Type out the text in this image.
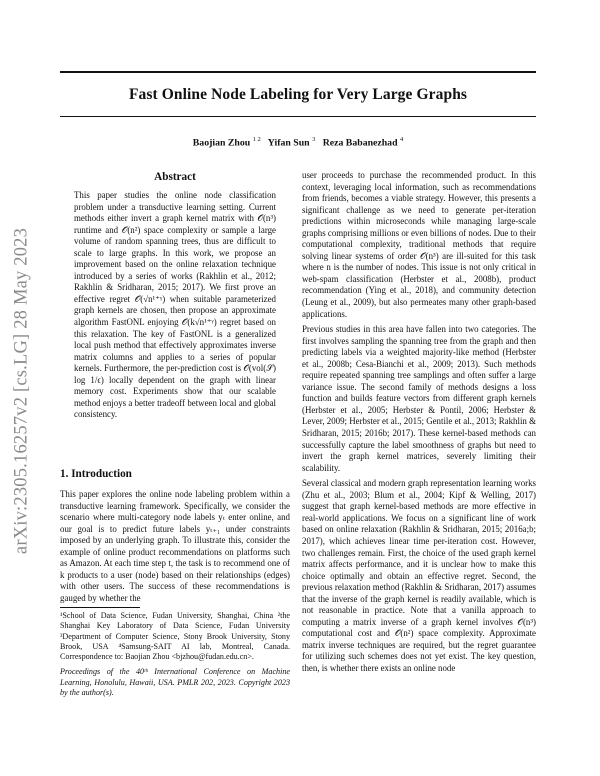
arXiv:2305.16257v2 [cs.LG] 28 May 2023
Fast Online Node Labeling for Very Large Graphs
Baojian Zhou $^{1 2}$ Yifan Sun $^3$ Reza Babanezhad $^4$
Abstract

This paper studies the online node classification problem under a transductive learning setting. Current methods either invert a graph kernel matrix with 𝒪(n³) runtime and 𝒪(n²) space complexity or sample a large volume of random spanning trees, thus are difficult to scale to large graphs. In this work, we propose an improvement based on the online relaxation technique introduced by a series of works (Rakhlin et al., 2012; Rakhlin & Sridharan, 2015; 2017). We first prove an effective regret 𝒪(√n¹⁺ᵞ) when suitable parameterized graph kernels are chosen, then propose an approximate algorithm FastONL enjoying 𝒪(k√n¹⁺ᵞ) regret based on this relaxation. The key of FastONL is a generalized local push method that effectively approximates inverse matrix columns and applies to a series of popular kernels. Furthermore, the per-prediction cost is 𝒪(vol(𝒮) log 1/ϵ) locally dependent on the graph with linear memory cost. Experiments show that our scalable method enjoys a better tradeoff between local and global consistency.

1. Introduction

This paper explores the online node labeling problem within a transductive learning framework. Specifically, we consider the scenario where multi-category node labels yₜ enter online, and our goal is to predict future labels yₜ₊₁ under constraints imposed by an underlying graph. To illustrate this, consider the example of online product recommendations on platforms such as Amazon. At each time step t, the task is to recommend one of k products to a user (node) based on their relationships (edges) with other users. The success of these recommendations is gauged by whether the

¹School of Data Science, Fudan University, Shanghai, China ²the Shanghai Key Laboratory of Data Science, Fudan University ³Department of Computer Science, Stony Brook University, Stony Brook, USA ⁴Samsung-SAIT AI lab, Montreal, Canada. Correspondence to: Baojian Zhou <bjzhou@fudan.edu.cn>.

Proceedings of the 40ᵗʰ International Conference on Machine Learning, Honolulu, Hawaii, USA. PMLR 202, 2023. Copyright 2023 by the author(s).

user proceeds to purchase the recommended product. In this context, leveraging local information, such as recommendations from friends, becomes a viable strategy. However, this presents a significant challenge as we need to generate per-iteration predictions within microseconds while managing large-scale graphs comprising millions or even billions of nodes. Due to their computational complexity, traditional methods that require solving linear systems of order 𝒪(n³) are ill-suited for this task where n is the number of nodes. This issue is not only critical in web-spam classification (Herbster et al., 2008b), product recommendation (Ying et al., 2018), and community detection (Leung et al., 2009), but also permeates many other graph-based applications.

Previous studies in this area have fallen into two categories. The first involves sampling the spanning tree from the graph and then predicting labels via a weighted majority-like method (Herbster et al., 2008b; Cesa-Bianchi et al., 2009; 2013). Such methods require repeated spanning tree samplings and often suffer a large variance issue. The second family of methods designs a loss function and builds feature vectors from different graph kernels (Herbster et al., 2005; Herbster & Pontil, 2006; Herbster & Lever, 2009; Herbster et al., 2015; Gentile et al., 2013; Rakhlin & Sridharan, 2015; 2016b; 2017). These kernel-based methods can successfully capture the label smoothness of graphs but need to invert the graph kernel matrices, severely limiting their scalability.

Several classical and modern graph representation learning works (Zhu et al., 2003; Blum et al., 2004; Kipf & Welling, 2017) suggest that graph kernel-based methods are more effective in real-world applications. We focus on a significant line of work based on online relaxation (Rakhlin & Sridharan, 2015; 2016a;b; 2017), which achieves linear time per-iteration cost. However, two challenges remain. First, the choice of the used graph kernel matrix affects performance, and it is unclear how to make this choice optimally and obtain an effective regret. Second, the previous relaxation method (Rakhlin & Sridharan, 2017) assumes that the inverse of the graph kernel is readily available, which is not reasonable in practice. Note that a vanilla approach to computing a matrix inverse of a graph kernel involves 𝒪(n³) computational cost and 𝒪(n²) space complexity. Approximate matrix inverse techniques are required, but the regret guarantee for utilizing such schemes does not yet exist. The key question, then, is whether there exists an online node
